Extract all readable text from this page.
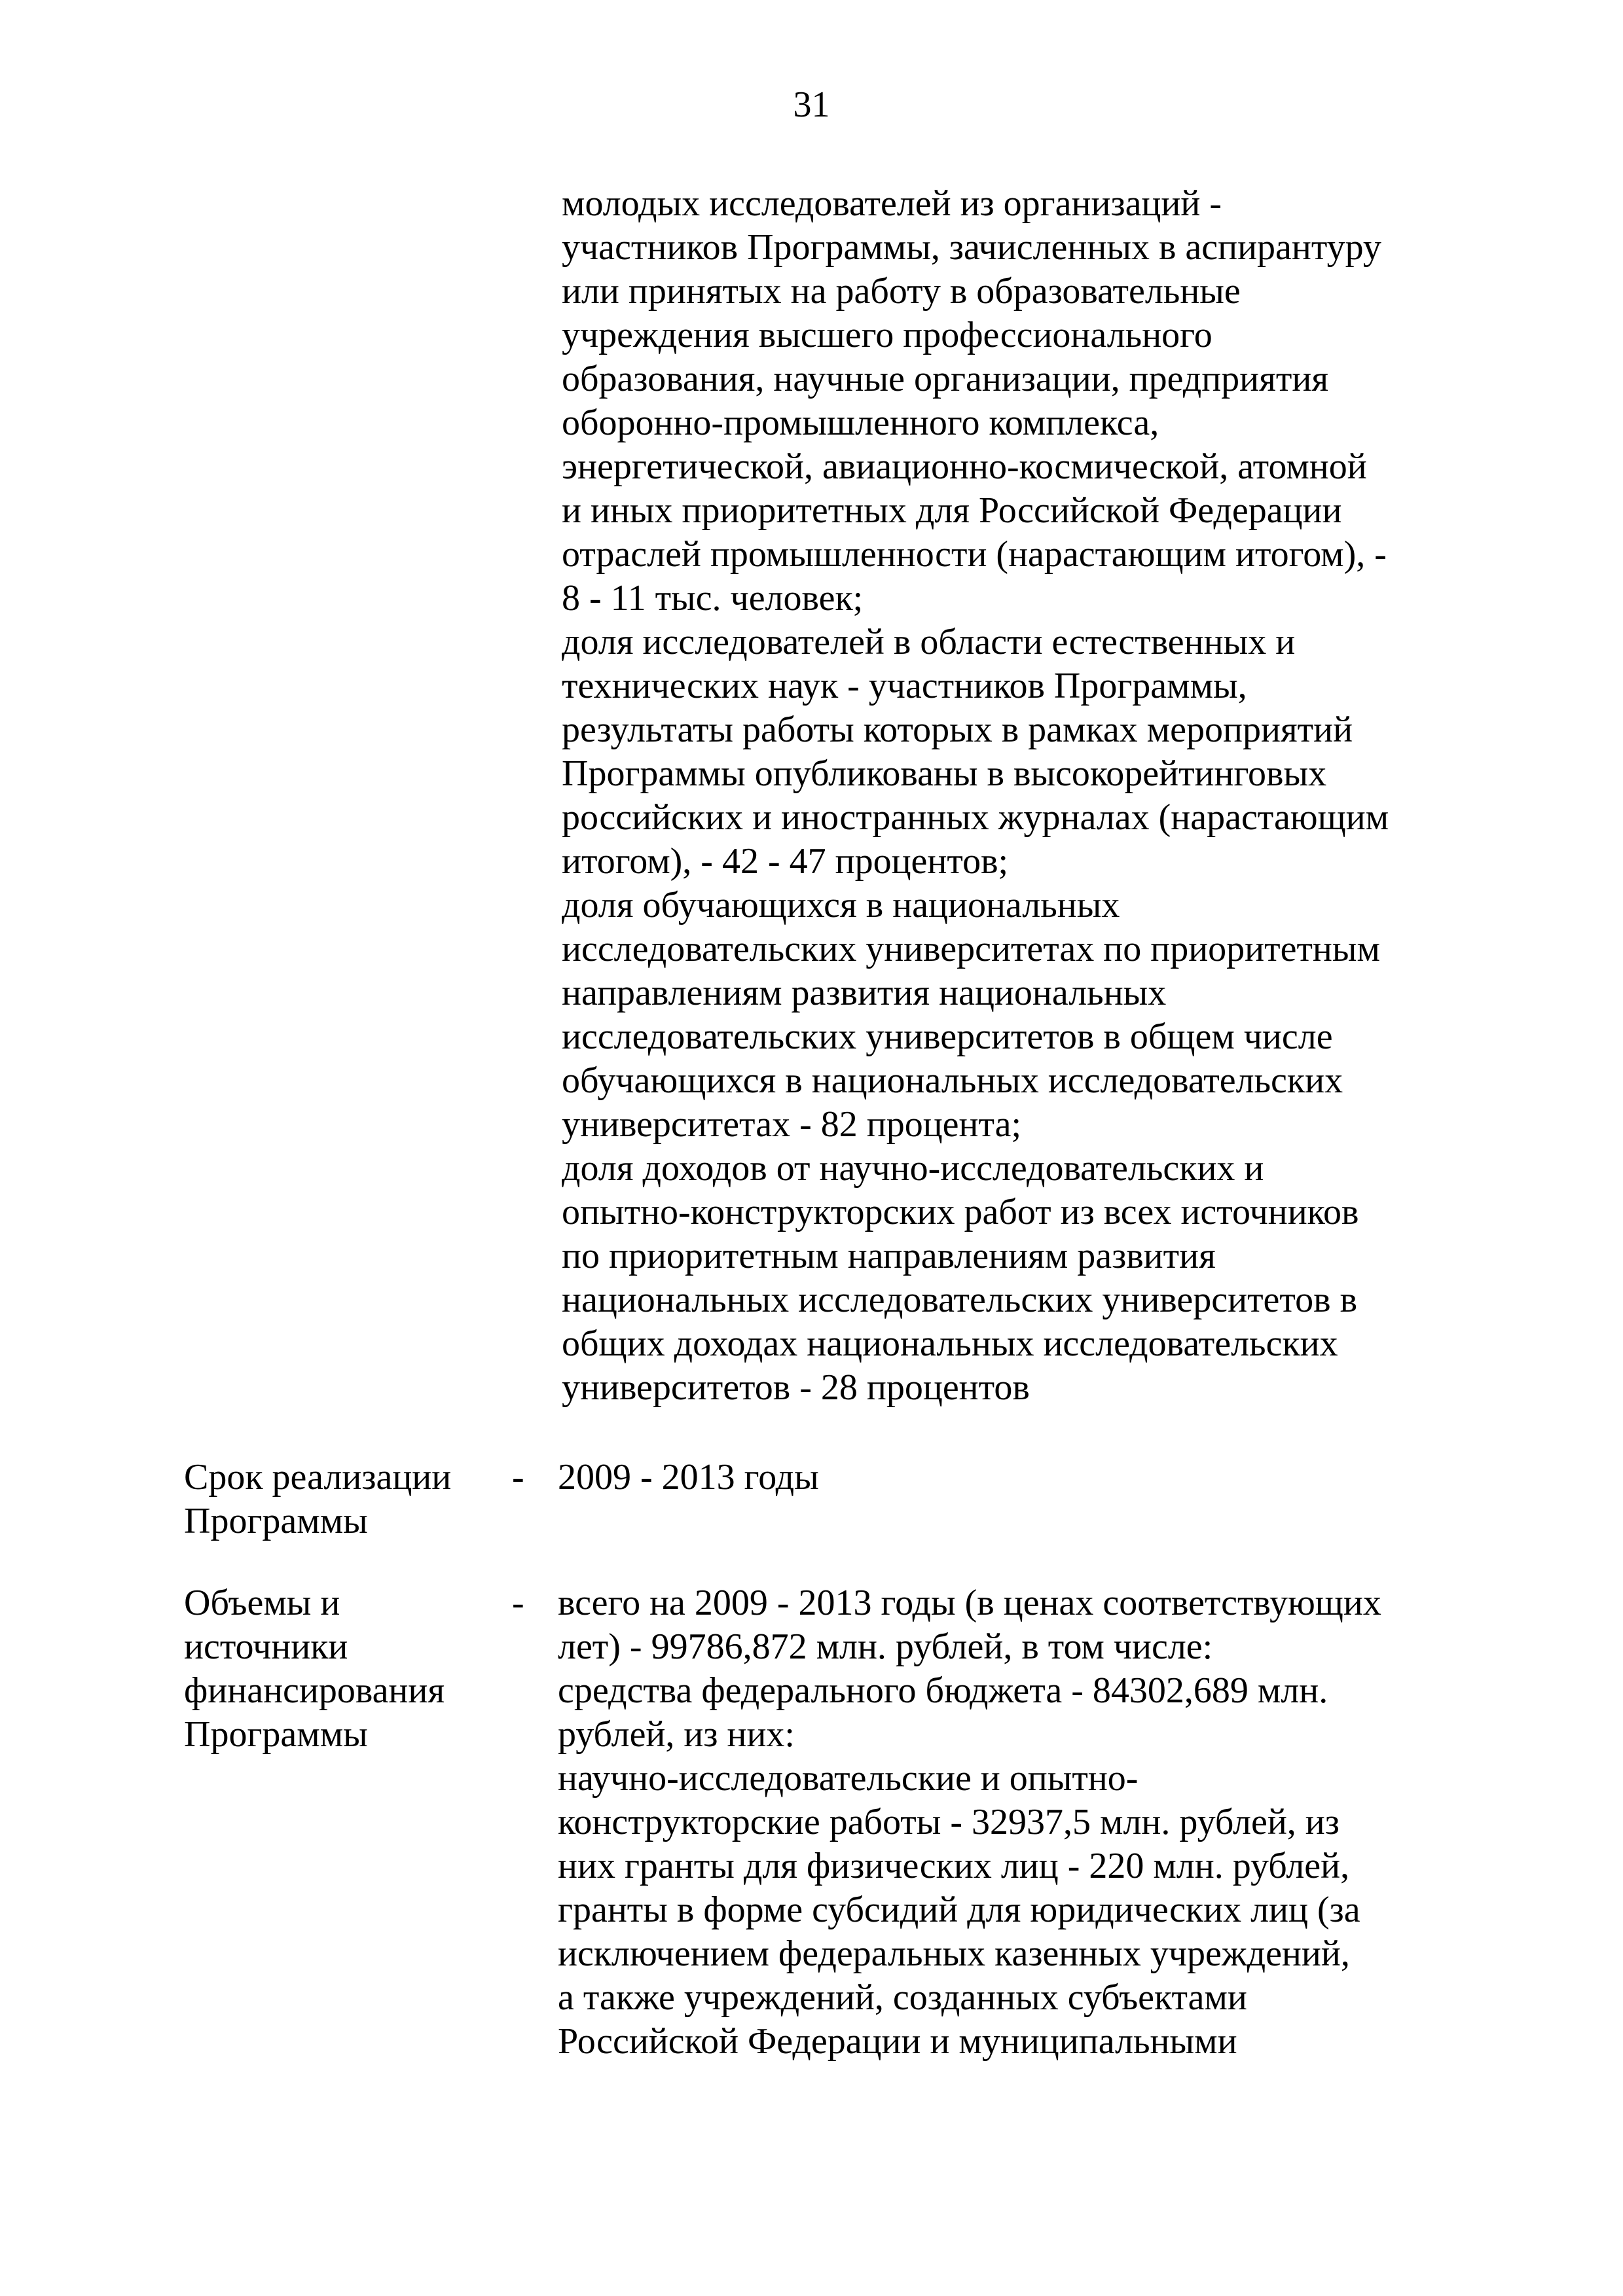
31
молодых исследователей из организаций -
участников Программы, зачисленных в аспирантуру
или принятых на работу в образовательные
учреждения высшего профессионального
образования, научные организации, предприятия
оборонно-промышленного комплекса,
энергетической, авиационно-космической, атомной
и иных приоритетных для Российской Федерации
отраслей промышленности (нарастающим итогом), -
8 - 11 тыс. человек;
доля исследователей в области естественных и
технических наук - участников Программы,
результаты работы которых в рамках мероприятий
Программы опубликованы в высокорейтинговых
российских и иностранных журналах (нарастающим
итогом), - 42 - 47 процентов;
доля обучающихся в национальных
исследовательских университетах по приоритетным
направлениям развития национальных
исследовательских университетов в общем числе
обучающихся в национальных исследовательских
университетах - 82 процента;
доля доходов от научно-исследовательских и
опытно-конструкторских работ из всех источников
по приоритетным направлениям развития
национальных исследовательских университетов в
общих доходах национальных исследовательских
университетов - 28 процентов
Срок реализации
Программы
- 2009 - 2013 годы
Объемы и
источники
финансирования
Программы
- всего на 2009 - 2013 годы (в ценах соответствующих
лет) - 99786,872 млн. рублей, в том числе:
средства федерального бюджета - 84302,689 млн.
рублей, из них:
научно-исследовательские и опытно-
конструкторские работы - 32937,5 млн. рублей, из
них гранты для физических лиц - 220 млн. рублей,
гранты в форме субсидий для юридических лиц (за
исключением федеральных казенных учреждений,
а также учреждений, созданных субъектами
Российской Федерации и муниципальными
